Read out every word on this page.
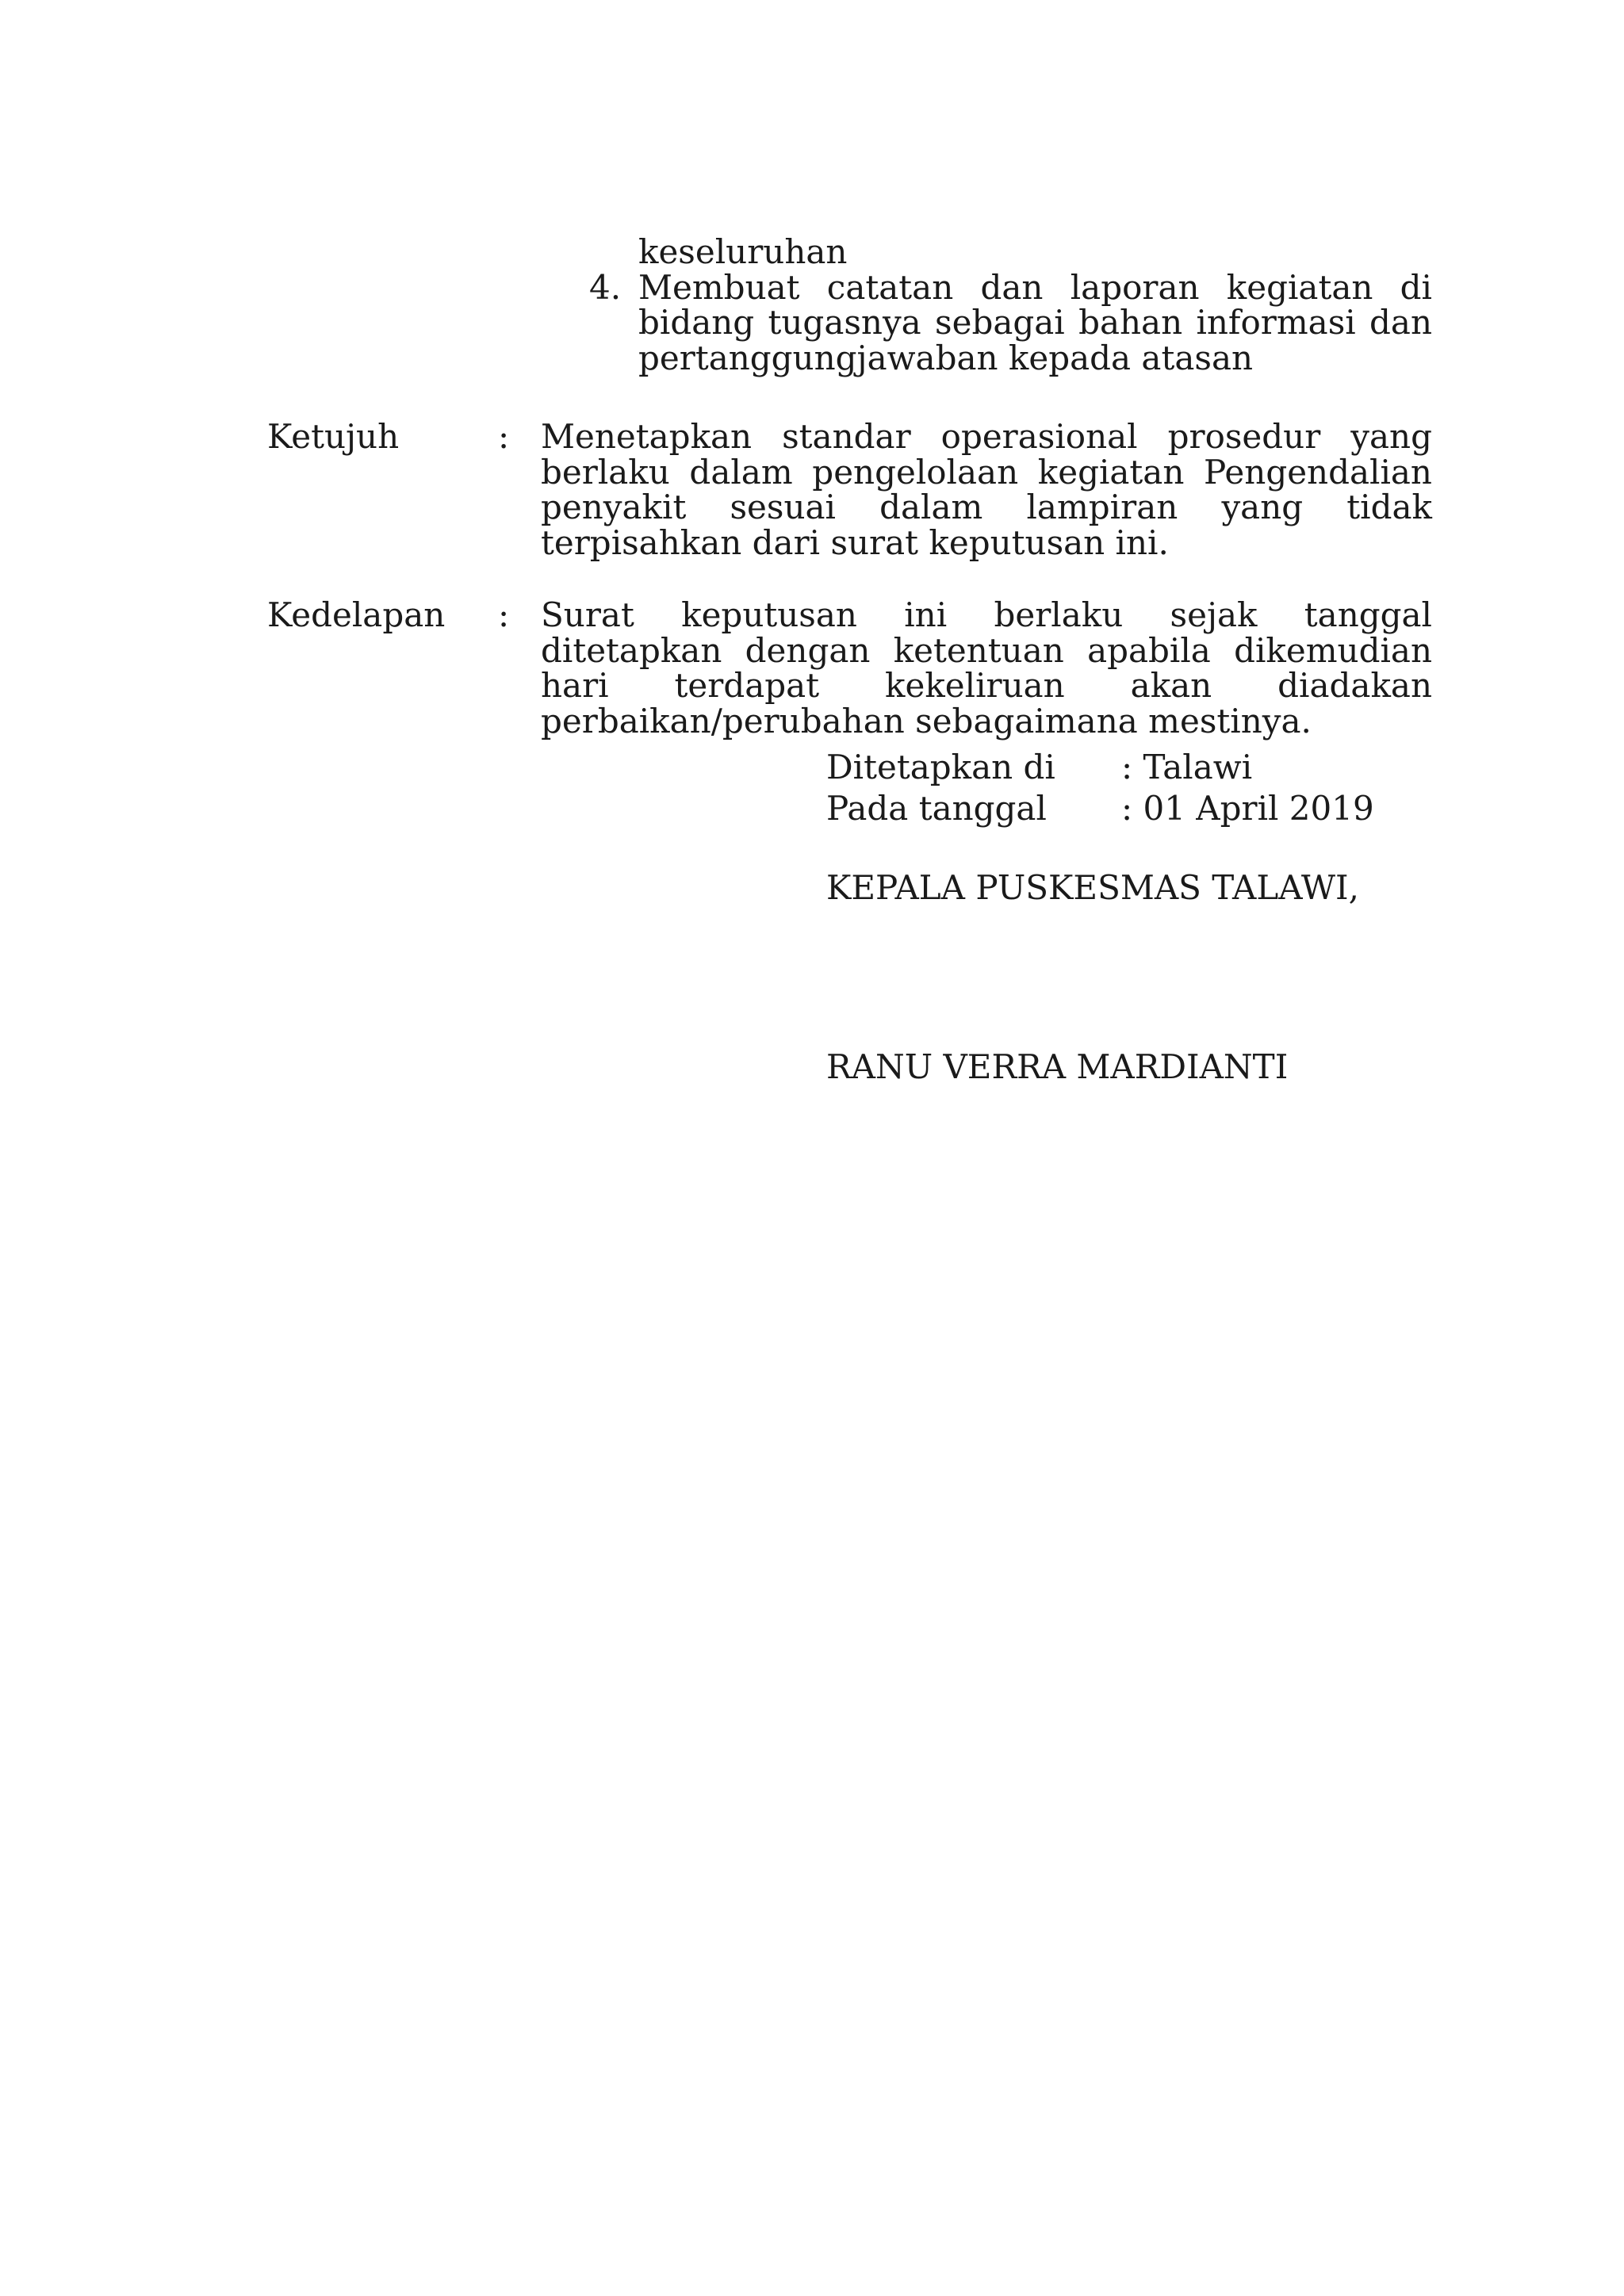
keseluruhan
4. Membuat catatan dan laporan kegiatan di bidang tugasnya sebagai bahan informasi dan pertanggungjawaban kepada atasan
Ketujuh	: Menetapkan standar operasional prosedur yang berlaku dalam pengelolaan kegiatan Pengendalian penyakit sesuai dalam lampiran yang tidak terpisahkan dari surat keputusan ini.
Kedelapan : Surat keputusan ini berlaku sejak tanggal ditetapkan dengan ketentuan apabila dikemudian hari terdapat kekeliruan akan diadakan perbaikan/perubahan sebagaimana mestinya.
Ditetapkan di : Talawi
Pada tanggal : 01 April 2019
KEPALA PUSKESMAS TALAWI,
RANU VERRA MARDIANTI
